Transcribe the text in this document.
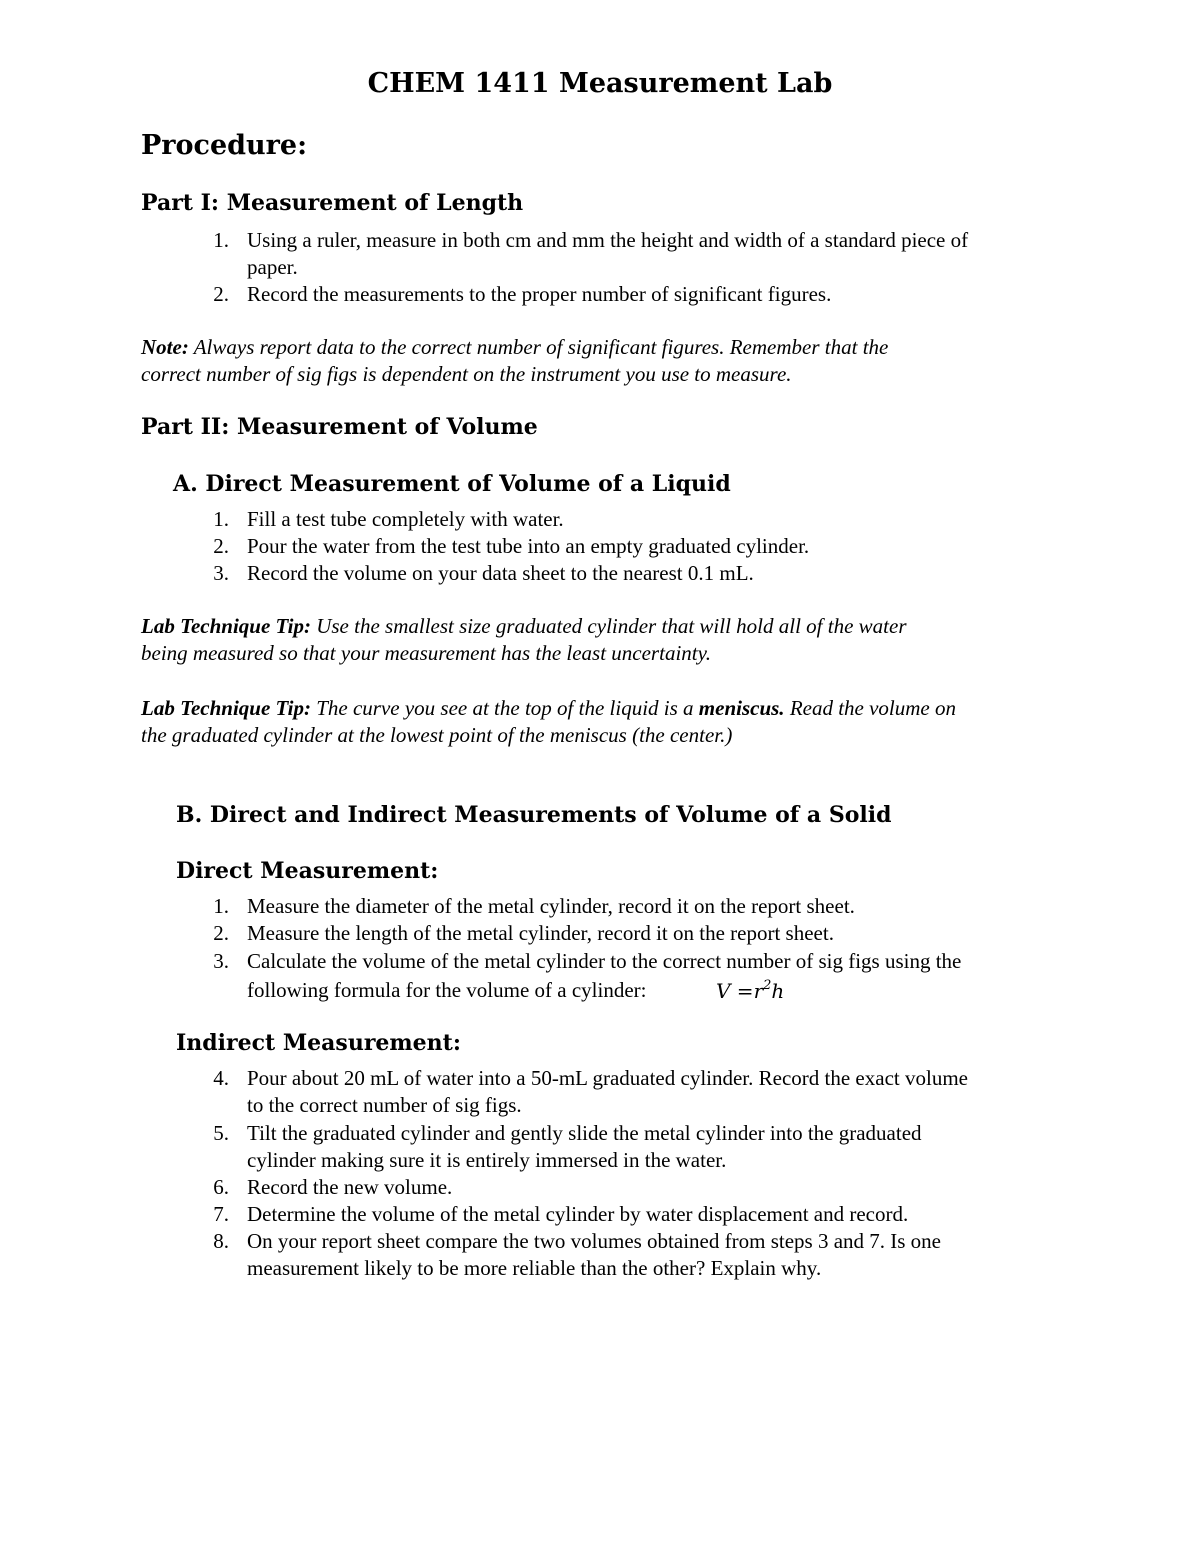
CHEM 1411 Measurement Lab
Procedure:
Part I: Measurement of Length
1. Using a ruler, measure in both cm and mm the height and width of a standard piece of
paper.
2. Record the measurements to the proper number of significant figures.
Note: Always report data to the correct number of significant figures. Remember that the
correct number of sig figs is dependent on the instrument you use to measure.
Part II: Measurement of Volume
A. Direct Measurement of Volume of a Liquid
1. Fill a test tube completely with water.
2. Pour the water from the test tube into an empty graduated cylinder.
3. Record the volume on your data sheet to the nearest 0.1 mL.
Lab Technique Tip: Use the smallest size graduated cylinder that will hold all of the water
being measured so that your measurement has the least uncertainty.
Lab Technique Tip: The curve you see at the top of the liquid is a meniscus. Read the volume on
the graduated cylinder at the lowest point of the meniscus (the center.)
B. Direct and Indirect Measurements of Volume of a Solid
Direct Measurement:
1. Measure the diameter of the metal cylinder, record it on the report sheet.
2. Measure the length of the metal cylinder, record it on the report sheet.
3. Calculate the volume of the metal cylinder to the correct number of sig figs using the
following formula for the volume of a cylinder:	$V =r^2h$
Indirect Measurement:
4. Pour about 20 mL of water into a 50-mL graduated cylinder. Record the exact volume
to the correct number of sig figs.
5. Tilt the graduated cylinder and gently slide the metal cylinder into the graduated
cylinder making sure it is entirely immersed in the water.
6. Record the new volume.
7. Determine the volume of the metal cylinder by water displacement and record.
8. On your report sheet compare the two volumes obtained from steps 3 and 7. Is one
measurement likely to be more reliable than the other? Explain why.
